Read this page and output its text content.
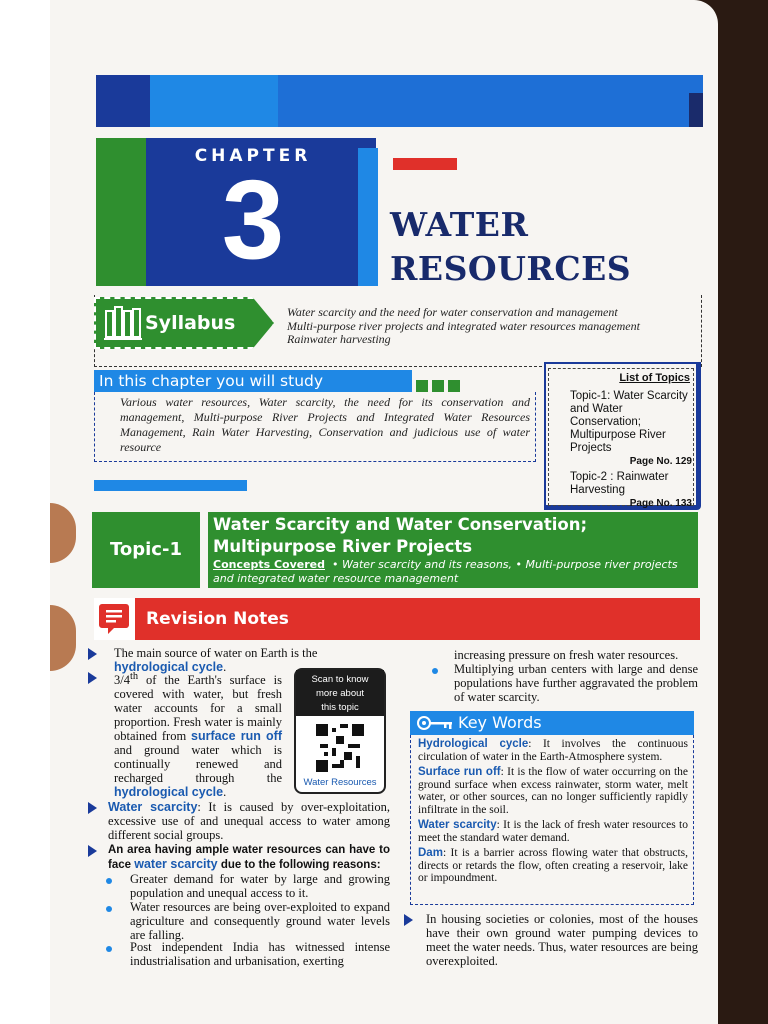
CHAPTER
3	WATER
RESOURCES
Syllabus	Water scarcity and the need for water conservation and management
Multi-purpose river projects and integrated water resources management
Rainwater harvesting
In this chapter you will study
Various water resources, Water scarcity, the need for its conservation and management, Multi-purpose River Projects and Integrated Water Resources Management, Rain Water Harvesting, Conservation and judicious use of water resource
List of Topics
Topic-1: Water Scarcity and Water Conservation; Multipurpose River Projects
Page No. 129
Topic-2 : Rainwater Harvesting
Page No. 133
Topic-1
Water Scarcity and Water Conservation; Multipurpose River Projects
Concepts Covered • Water scarcity and its reasons, • Multi-purpose river projects and integrated water resource management
Revision Notes
The main source of water on Earth is the
hydrological cycle.
3/4th of the Earth's surface is covered with water, but fresh water accounts for a small proportion. Fresh water is mainly obtained from surface run off and ground water which is continually renewed and recharged through the hydrological cycle.
Scan to know
more about
this topic
Water Resources
Water scarcity: It is caused by over-exploitation, excessive use of and unequal access to water among different social groups.
An area having ample water resources can have to face water scarcity due to the following reasons:
Greater demand for water by large and growing population and unequal access to it.
Water resources are being over-exploited to expand agriculture and consequently ground water levels are falling.
Post independent India has witnessed intense industrialisation and urbanisation, exerting
increasing pressure on fresh water resources.
Multiplying urban centers with large and dense populations have further aggravated the problem of water scarcity.
Key Words

Hydrological cycle: It involves the continuous circulation of water in the Earth-Atmosphere system.

Surface run off: It is the flow of water occurring on the ground surface when excess rainwater, storm water, melt water, or other sources, can no longer sufficiently rapidly infiltrate in the soil.

Water scarcity: It is the lack of fresh water resources to meet the standard water demand.

Dam: It is a barrier across flowing water that obstructs, directs or retards the flow, often creating a reservoir, lake or impoundment.

In housing societies or colonies, most of the houses have their own ground water pumping devices to meet the water needs. Thus, water resources are being overexploited.
